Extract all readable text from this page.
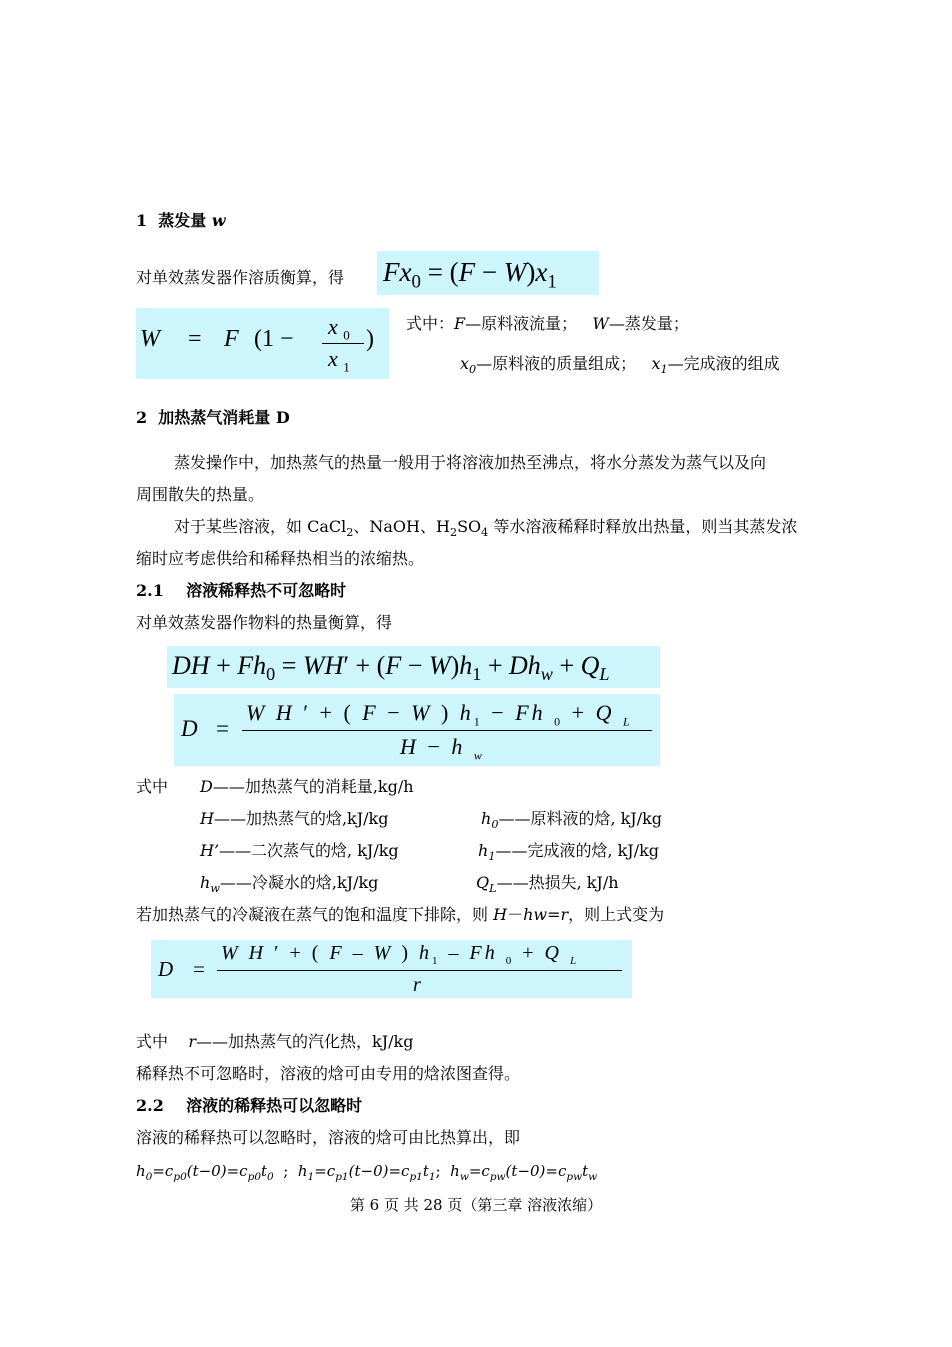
1 蒸发量 w
对单效蒸发器作溶质衡算，得 $Fx_0 = (F - W)x_1$
W = F (1 − x $_0$
x $_1$
)
式中：F—原料液流量； W—蒸发量；
$x_0—$原料液的质量组成； $x_1—$完成液的组成
2 加热蒸气消耗量 D
蒸发操作中，加热蒸气的热量一般用于将溶液加热至沸点，将水分蒸发为蒸气以及向
周围散失的热量。
对于某些溶液，如 CaCl$_2$、NaOH、$H_2SO_4$ 等水溶液稀释时释放出热量，则当其蒸发浓
缩时应考虑供给和稀释热相当的浓缩热。
2.1 溶液稀释热不可忽略时
对单效蒸发器作物料的热量衡算，得
DH + $Fh_0 = WH' + (F - W)h_1 + Dh_w + Q_L$
D =
W H ′ + ( F − W ) $h_1 - Fh$ $_0$ + Q $_L$
H − h $_w$
式中 D——加热蒸气的消耗量,kg/h
H——加热蒸气的焓,kJ/kg	$h_0——$原料液的焓, kJ/kg
H’——二次蒸气的焓, kJ/kg	$h_1——$完成液的焓, kJ/kg
$h_w——$冷凝水的焓,kJ/kg	$Q_L——$热损失, kJ/h
若加热蒸气的冷凝液在蒸气的饱和温度下排除，则 H－hw=r，则上式变为
D =
W H ′ + ( F – W ) $h_1$ – Fh $_0$ + Q $_L$
r
式中 r——加热蒸气的汽化热，kJ/kg
稀释热不可忽略时，溶液的焓可由专用的焓浓图查得。
2.2 溶液的稀释热可以忽略时
溶液的稀释热可以忽略时，溶液的焓可由比热算出，即
$h_0=c_{p0}(t-0)=c_{p0}t_0$  ;  $h_1=c_{p1}(t-0)=c_{p1}t_1$;  $h_w=c_{pw}(t-0)=c_{pw}t_w$
第 6 页 共 28 页（第三章 溶液浓缩）
